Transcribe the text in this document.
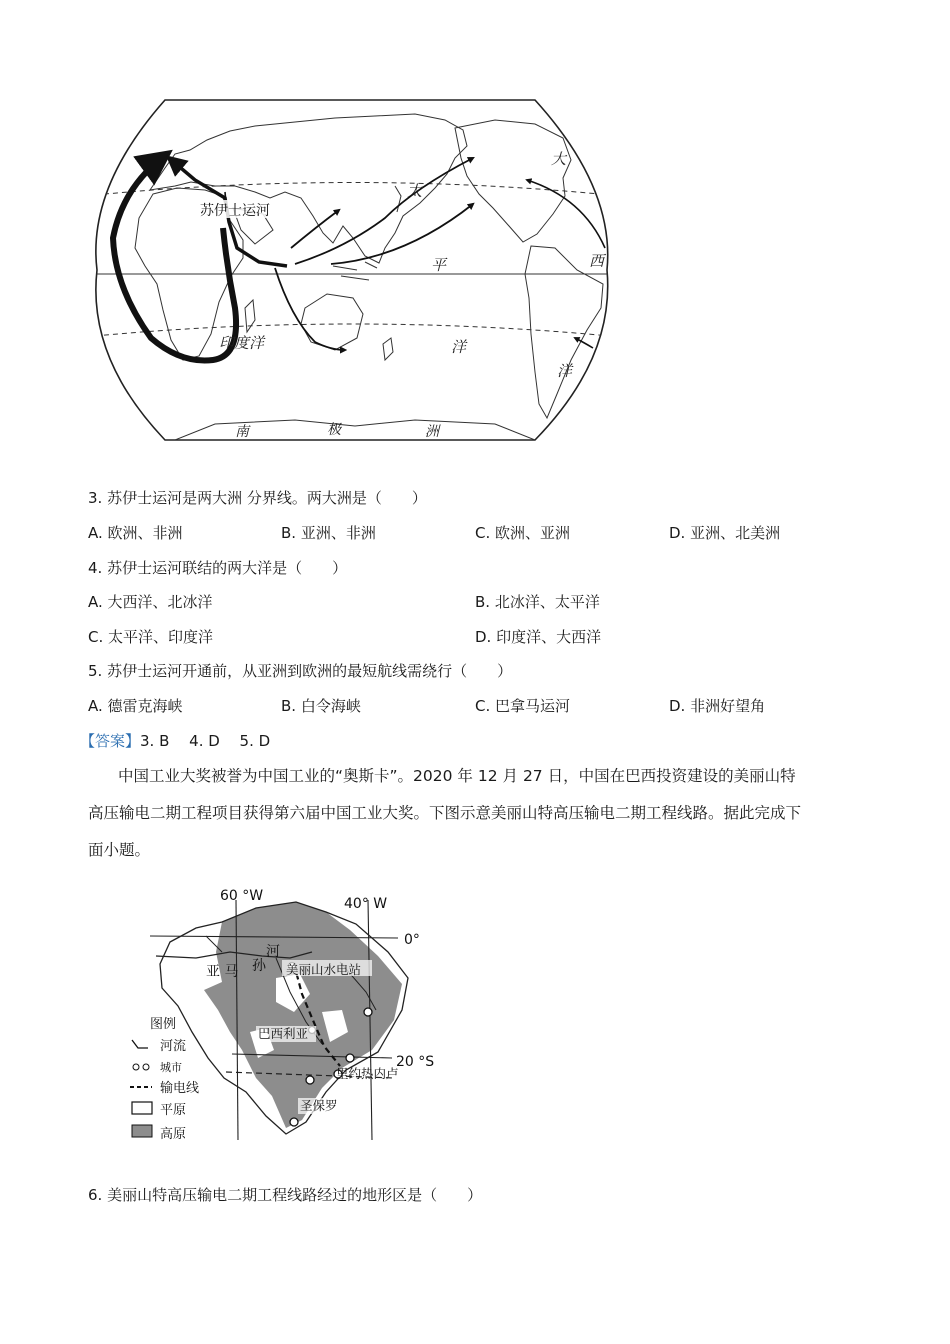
苏伊士运河
太
平
洋
大
西
洋
印度洋
南	极	洲
3. 苏伊士运河是两大洲 分界线。两大洲是（　　）
A. 欧洲、非洲	B. 亚洲、非洲	C. 欧洲、亚洲	D. 亚洲、北美洲
4. 苏伊士运河联结的两大洋是（　　）
A. 大西洋、北冰洋	B. 北冰洋、太平洋
C. 太平洋、印度洋	D. 印度洋、大西洋
5. 苏伊士运河开通前，从亚洲到欧洲的最短航线需绕行（　　）
A. 德雷克海峡	B. 白令海峡	C. 巴拿马运河	D. 非洲好望角
【答案】3. B　 4. D　 5. D
中国工业大奖被誉为中国工业的“奥斯卡”。2020 年 12 月 27 日，中国在巴西投资建设的美丽山特
高压输电二期工程项目获得第六届中国工业大奖。下图示意美丽山特高压输电二期工程线路。据此完成下
面小题。
60 °W	40° W
0°
20 °S
河
亚 马 孙 美丽山水电站
巴西利亚
里约热内卢
圣保罗
图例
河流
城市
输电线
平原
高原
6. 美丽山特高压输电二期工程线路经过的地形区是（　　）
